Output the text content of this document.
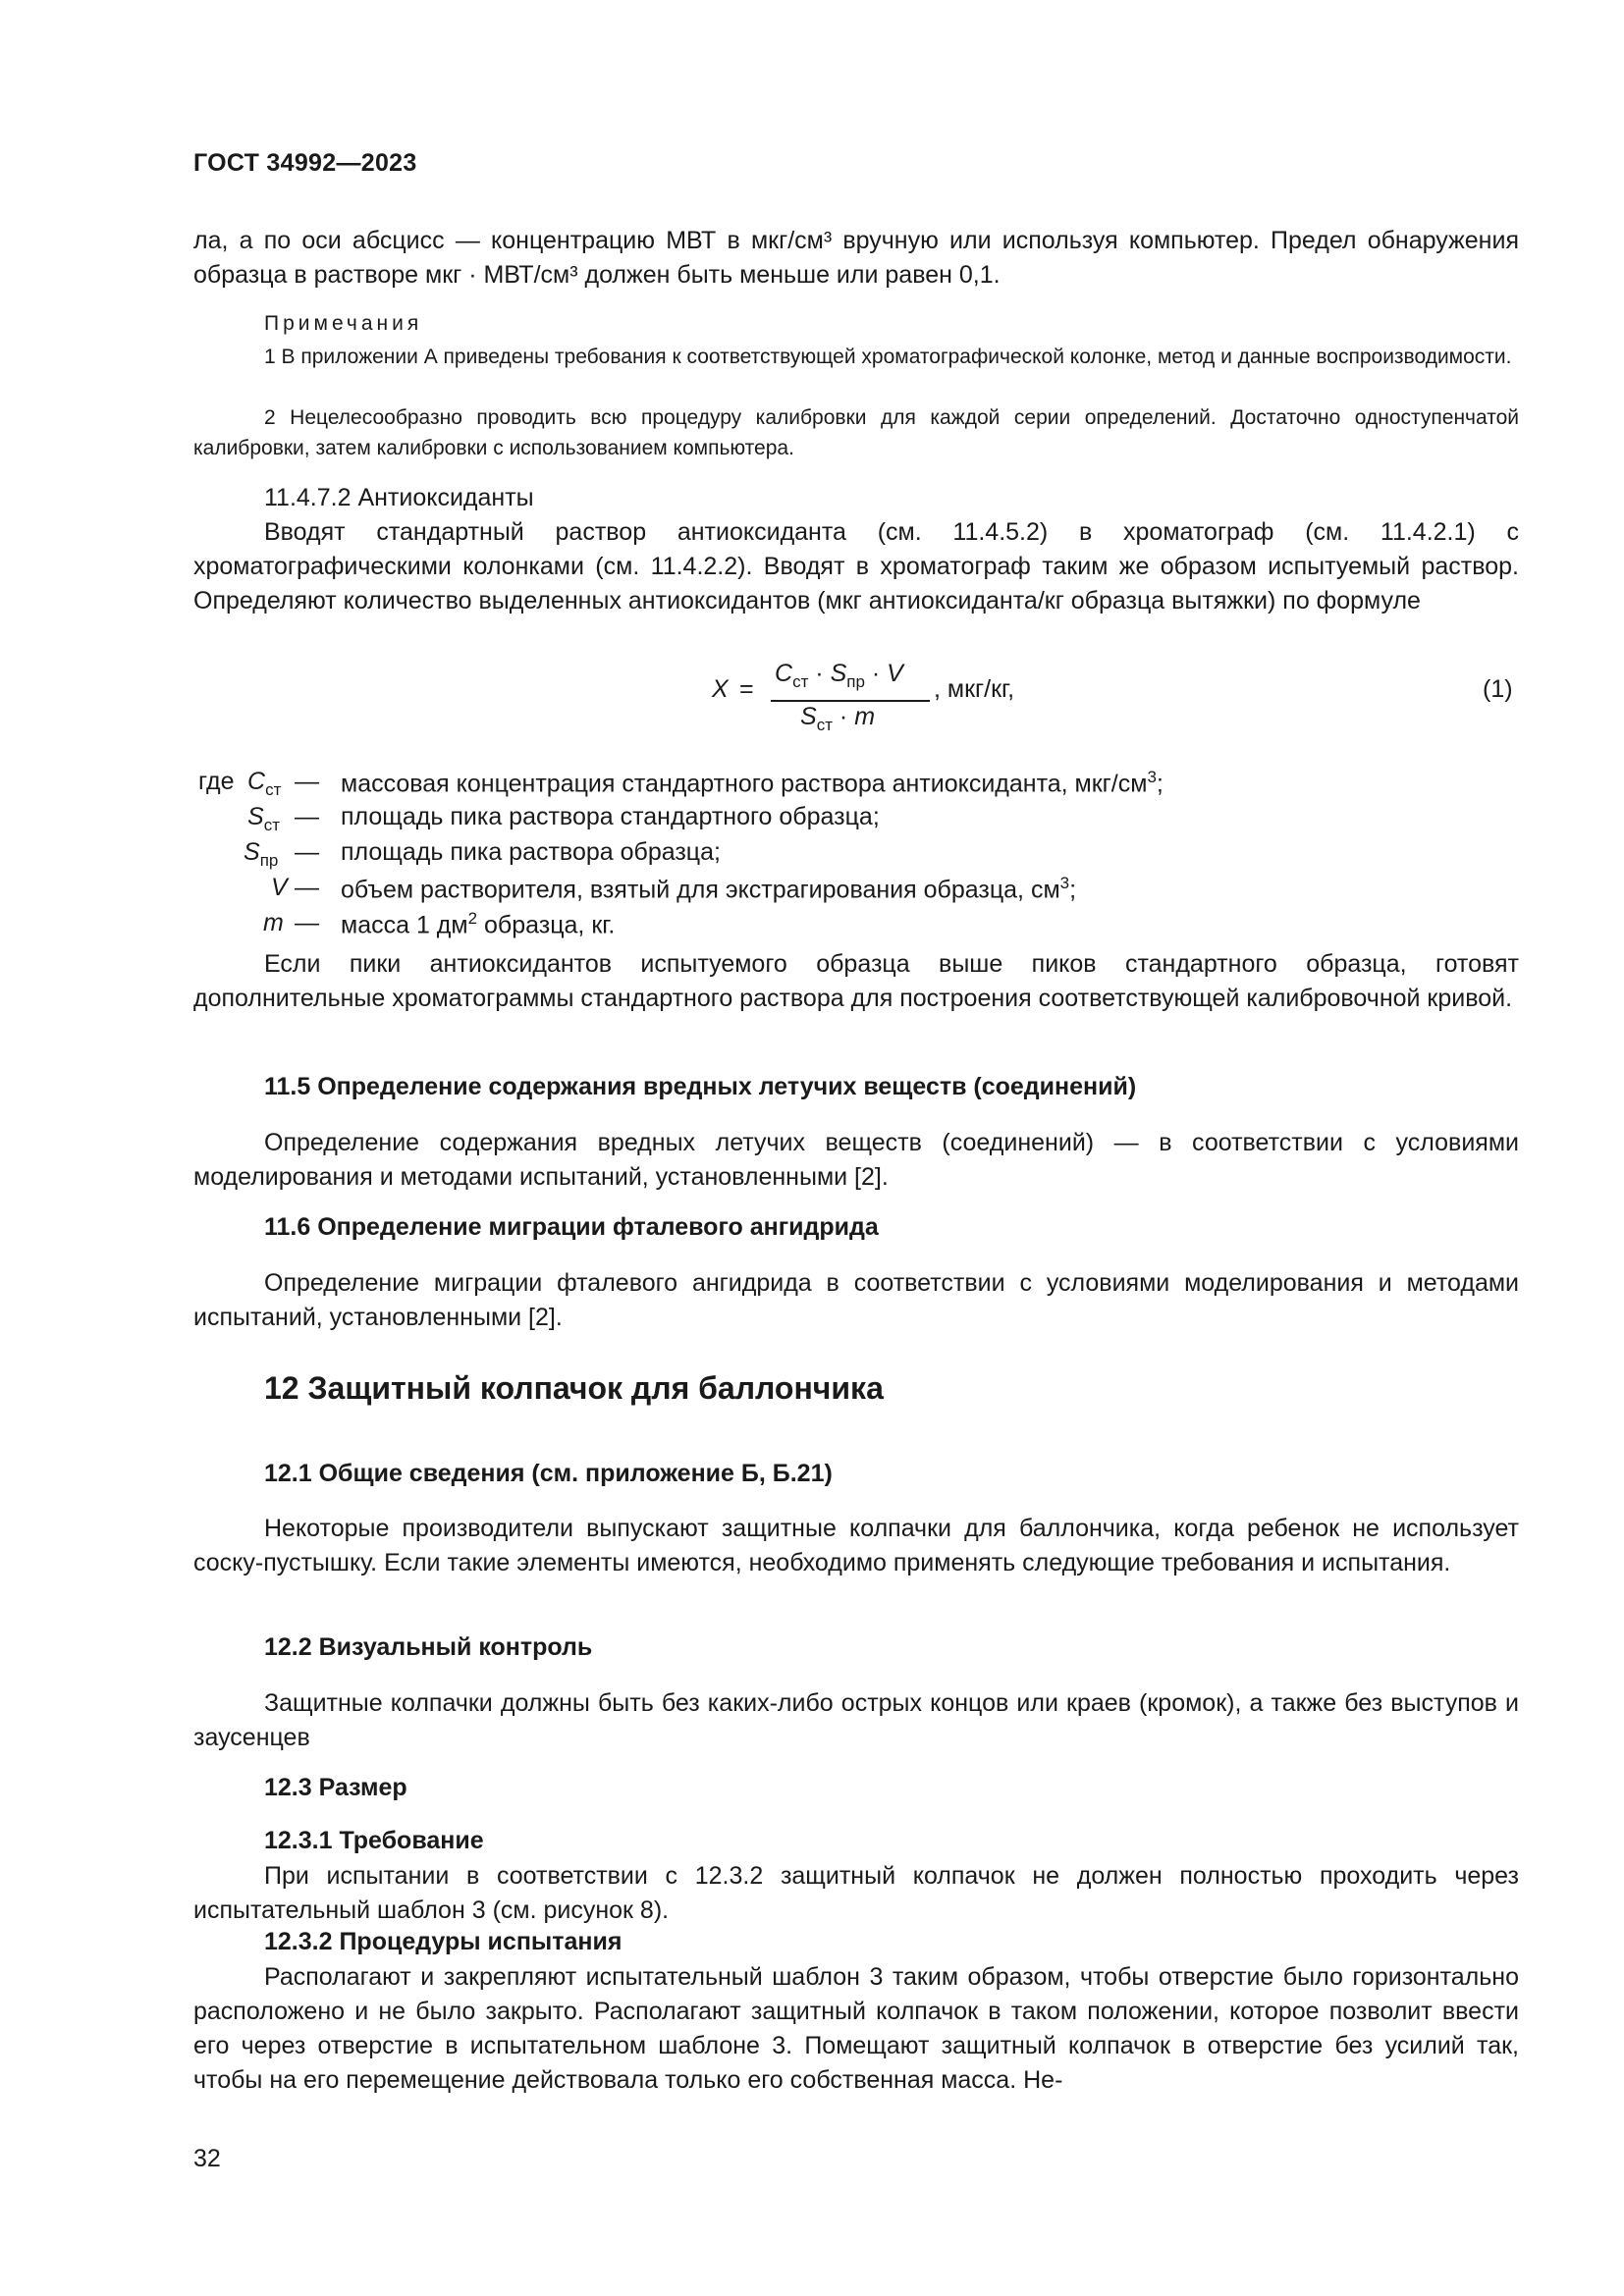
ГОСТ 34992—2023
ла, а по оси абсцисс — концентрацию МВТ в мкг/см³ вручную или используя компьютер. Предел обнаружения образца в растворе мкг · МВТ/см³ должен быть меньше или равен 0,1.
Примечания
1 В приложении А приведены требования к соответствующей хроматографической колонке, метод и данные воспроизводимости.
2 Нецелесообразно проводить всю процедуру калибровки для каждой серии определений. Достаточно одноступенчатой калибровки, затем калибровки с использованием компьютера.
11.4.7.2 Антиоксиданты
Вводят стандартный раствор антиоксиданта (см. 11.4.5.2) в хроматограф (см. 11.4.2.1) с хроматографическими колонками (см. 11.4.2.2). Вводят в хроматограф таким же образом испытуемый раствор. Определяют количество выделенных антиоксидантов (мкг антиоксиданта/кг образца вытяжки) по формуле
X =
$C_{ст} \cdot S_{пр} \cdot V$
$S_{ст} \cdot m$
, мкг/кг,	(1)
где $C_{ст}$ — массовая концентрация стандартного раствора антиоксиданта, мкг/$см^3$;
$S_{ст}$ — площадь пика раствора стандартного образца;
$S_{пр}$ — площадь пика раствора образца;
V — объем растворителя, взятый для экстрагирования образца, $см^3$;
m — масса 1 $дм^2$ образца, кг.
Если пики антиоксидантов испытуемого образца выше пиков стандартного образца, готовят дополнительные хроматограммы стандартного раствора для построения соответствующей калибровочной кривой.
11.5 Определение содержания вредных летучих веществ (соединений)
Определение содержания вредных летучих веществ (соединений) — в соответствии с условиями моделирования и методами испытаний, установленными [2].
11.6 Определение миграции фталевого ангидрида
Определение миграции фталевого ангидрида в соответствии с условиями моделирования и методами испытаний, установленными [2].
12 Защитный колпачок для баллончика
12.1 Общие сведения (см. приложение Б, Б.21)
Некоторые производители выпускают защитные колпачки для баллончика, когда ребенок не использует соску-пустышку. Если такие элементы имеются, необходимо применять следующие требования и испытания.
12.2 Визуальный контроль
Защитные колпачки должны быть без каких-либо острых концов или краев (кромок), а также без выступов и заусенцев
12.3 Размер
12.3.1 Требование
При испытании в соответствии с 12.3.2 защитный колпачок не должен полностью проходить через испытательный шаблон 3 (см. рисунок 8).
12.3.2 Процедуры испытания
Располагают и закрепляют испытательный шаблон 3 таким образом, чтобы отверстие было горизонтально расположено и не было закрыто. Располагают защитный колпачок в таком положении, которое позволит ввести его через отверстие в испытательном шаблоне 3. Помещают защитный колпачок в отверстие без усилий так, чтобы на его перемещение действовала только его собственная масса. Не-
32
